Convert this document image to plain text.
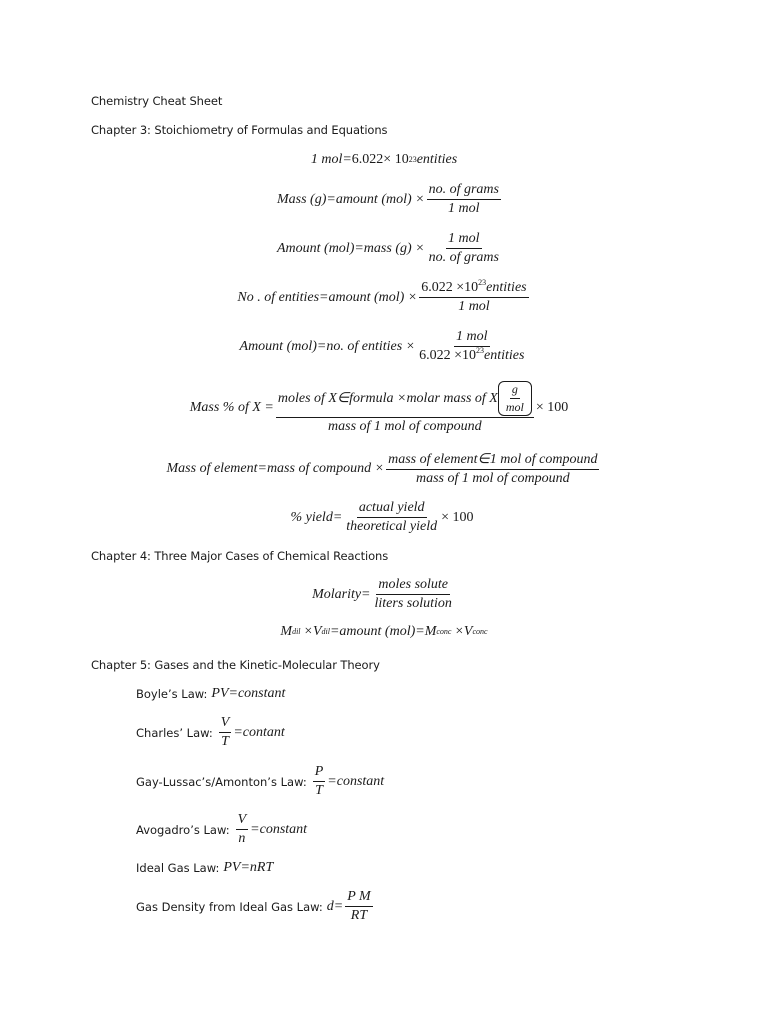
Chemistry Cheat Sheet
Chapter 3: Stoichiometry of Formulas and Equations
1 mol = 6.022× 10 23 entities
Mass (g)=amount $(mol) \times \frac{\text{no. of grams}}{\text{1 mol}}$
Amount (mol)=mass $(g) \times \frac{\text{1 mol}}{\text{no. of grams}}$
No . of entities=amount $(mol) \times \frac{6.022 \times 10^{23}entities}{\text{1 mol}}$
Amount (mol)=no. of entities × $\frac{\text{1 mol}}{6.022 \times 10^{23}entities}$
Mass % of $X = \frac{moles of X\in formula \times molar mass of X \frac{g}{\text{mol}}}{\text{mass of 1 mol of compound}} \times 100$
Mass of element=mass of compound × $\frac{\text{mass of element∈1 mol of compound}}{\text{mass of 1 mol of compound}}$
% yield= $\frac{\text{actual yield}}{\text{theoretical yield}} \times 100$
Chapter 4: Three Major Cases of Chemical Reactions
Molarity= $\frac{\text{moles solute}}{\text{liters solution}}$
M dil ×V dil =amount (mol)=M conc ×V conc
Chapter 5: Gases and the Kinetic-Molecular Theory
Boyle’s Law: PV=constant
Charles’ Law: $\frac{V}{T} =contant$
Gay-Lussac’s/Amonton’s Law: $\frac{P}{T}$ =constant
Avogadro’s Law: $\frac{V}{n}$ =constant
Ideal Gas Law: PV=nRT
Gas Density from Ideal Gas Law: $d= \frac{\text{P M}}{RT}$
